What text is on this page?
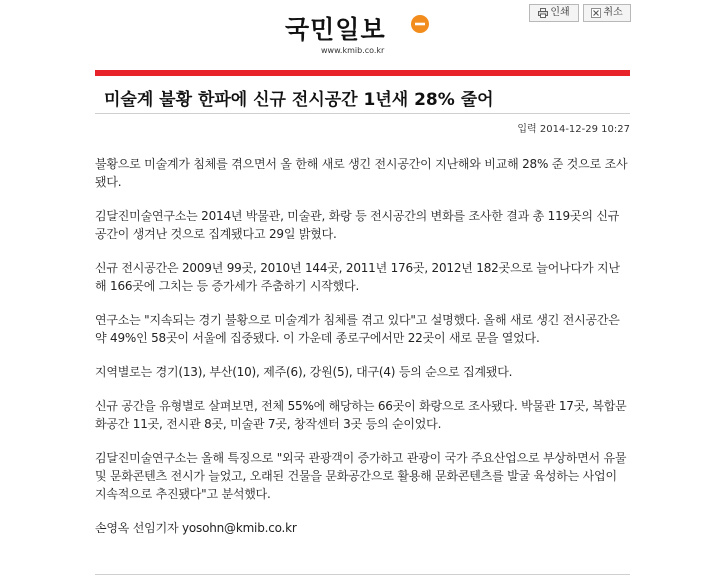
국민일보
www.kmib.co.kr
인쇄	취소
미술계 불황 한파에 신규 전시공간 1년새 28% 줄어
입력 2014-12-29 10:27

불황으로 미술계가 침체를 겪으면서 올 한해 새로 생긴 전시공간이 지난해와 비교해 28% 준 것으로 조사됐다.

김달진미술연구소는 2014년 박물관, 미술관, 화랑 등 전시공간의 변화를 조사한 결과 총 119곳의 신규 공간이 생겨난 것으로 집계됐다고 29일 밝혔다.

신규 전시공간은 2009년 99곳, 2010년 144곳, 2011년 176곳, 2012년 182곳으로 늘어나다가 지난해 166곳에 그치는 등 증가세가 주춤하기 시작했다.

연구소는 "지속되는 경기 불황으로 미술계가 침체를 겪고 있다"고 설명했다. 올해 새로 생긴 전시공간은 약 49%인 58곳이 서울에 집중됐다. 이 가운데 종로구에서만 22곳이 새로 문을 열었다.

지역별로는 경기(13), 부산(10), 제주(6), 강원(5), 대구(4) 등의 순으로 집계됐다.

신규 공간을 유형별로 살펴보면, 전체 55%에 해당하는 66곳이 화랑으로 조사됐다. 박물관 17곳, 복합문화공간 11곳, 전시관 8곳, 미술관 7곳, 창작센터 3곳 등의 순이었다.

김달진미술연구소는 올해 특징으로 "외국 관광객이 증가하고 관광이 국가 주요산업으로 부상하면서 유물 및 문화콘텐츠 전시가 늘었고, 오래된 건물을 문화공간으로 활용해 문화콘텐츠를 발굴 육성하는 사업이 지속적으로 추진됐다"고 분석했다.

손영옥 선임기자 yosohn@kmib.co.kr
